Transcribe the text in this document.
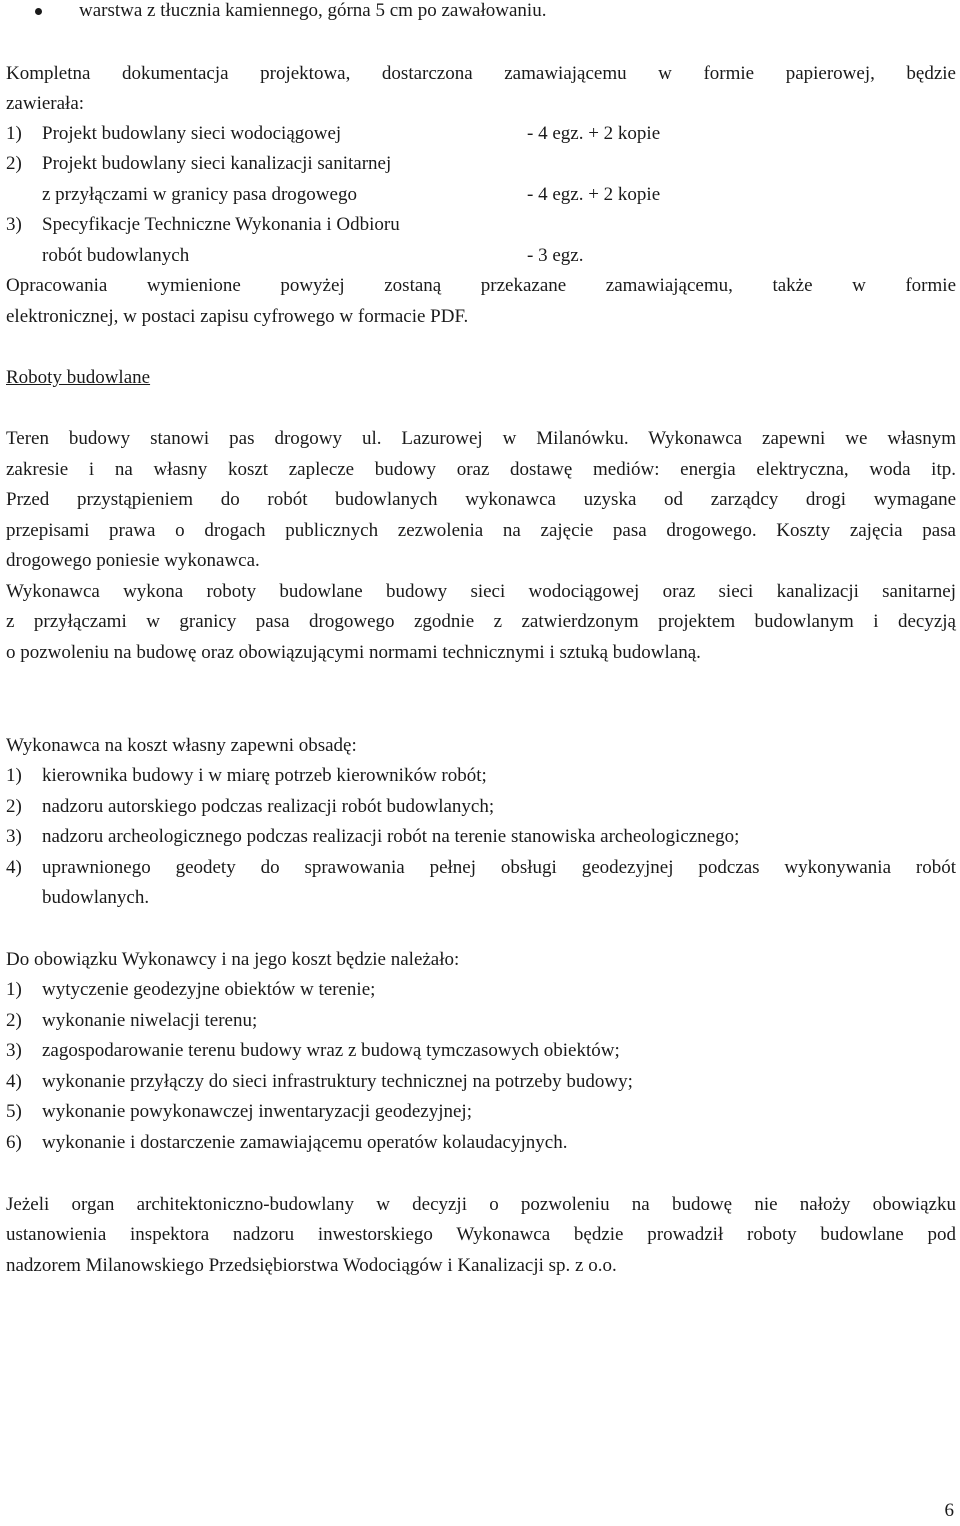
warstwa z tłucznia kamiennego, górna 5 cm po zawałowaniu.
Kompletna dokumentacja projektowa, dostarczona zamawiającemu w formie papierowej, będzie
zawierała:
1) Projekt budowlany sieci wodociągowej	- 4 egz. + 2 kopie
2) Projekt budowlany sieci kanalizacji sanitarnej
z przyłączami w granicy pasa drogowego	- 4 egz. + 2 kopie
3) Specyfikacje Techniczne Wykonania i Odbioru
robót budowlanych	- 3 egz.
Opracowania wymienione powyżej zostaną przekazane zamawiającemu, także w formie
elektronicznej, w postaci zapisu cyfrowego w formacie PDF.
Roboty budowlane
Teren budowy stanowi pas drogowy ul. Lazurowej w Milanówku. Wykonawca zapewni we własnym
zakresie i na własny koszt zaplecze budowy oraz dostawę mediów: energia elektryczna, woda itp.
Przed przystąpieniem do robót budowlanych wykonawca uzyska od zarządcy drogi wymagane
przepisami prawa o drogach publicznych zezwolenia na zajęcie pasa drogowego. Koszty zajęcia pasa
drogowego poniesie wykonawca.
Wykonawca wykona roboty budowlane budowy sieci wodociągowej oraz sieci kanalizacji sanitarnej
z przyłączami w granicy pasa drogowego zgodnie z zatwierdzonym projektem budowlanym i decyzją
o pozwoleniu na budowę oraz obowiązującymi normami technicznymi i sztuką budowlaną.
Wykonawca na koszt własny zapewni obsadę:
1) kierownika budowy i w miarę potrzeb kierowników robót;
2) nadzoru autorskiego podczas realizacji robót budowlanych;
3) nadzoru archeologicznego podczas realizacji robót na terenie stanowiska archeologicznego;
4) uprawnionego geodety do sprawowania pełnej obsługi geodezyjnej podczas wykonywania robót
budowlanych.
Do obowiązku Wykonawcy i na jego koszt będzie należało:
1) wytyczenie geodezyjne obiektów w terenie;
2) wykonanie niwelacji terenu;
3) zagospodarowanie terenu budowy wraz z budową tymczasowych obiektów;
4) wykonanie przyłączy do sieci infrastruktury technicznej na potrzeby budowy;
5) wykonanie powykonawczej inwentaryzacji geodezyjnej;
6) wykonanie i dostarczenie zamawiającemu operatów kolaudacyjnych.
Jeżeli organ architektoniczno-budowlany w decyzji o pozwoleniu na budowę nie nałoży obowiązku
ustanowienia inspektora nadzoru inwestorskiego Wykonawca będzie prowadził roboty budowlane pod
nadzorem Milanowskiego Przedsiębiorstwa Wodociągów i Kanalizacji sp. z o.o.
6
